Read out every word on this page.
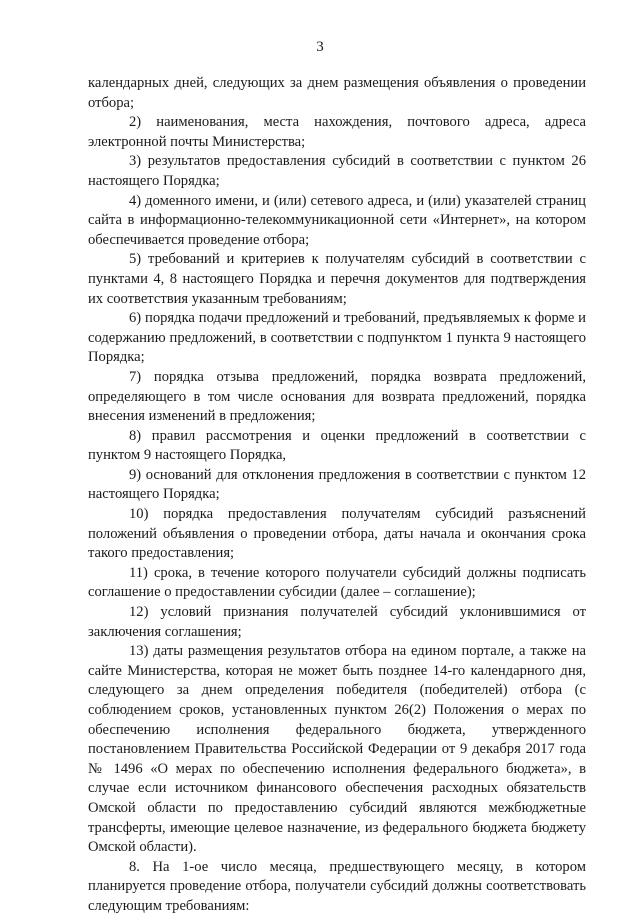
3

календарных дней, следующих за днем размещения объявления о проведении отбора;

2) наименования, места нахождения, почтового адреса, адреса электронной почты Министерства;

3) результатов предоставления субсидий в соответствии с пунктом 26 настоящего Порядка;

4) доменного имени, и (или) сетевого адреса, и (или) указателей страниц сайта в информационно-телекоммуникационной сети «Интернет», на котором обеспечивается проведение отбора;

5) требований и критериев к получателям субсидий в соответствии с пунктами 4, 8 настоящего Порядка и перечня документов для подтверждения их соответствия указанным требованиям;

6) порядка подачи предложений и требований, предъявляемых к форме и содержанию предложений, в соответствии с подпунктом 1 пункта 9 настоящего Порядка;

7) порядка отзыва предложений, порядка возврата предложений, определяющего в том числе основания для возврата предложений, порядка внесения изменений в предложения;

8) правил рассмотрения и оценки предложений в соответствии с пунктом 9 настоящего Порядка,

9) оснований для отклонения предложения в соответствии с пунктом 12 настоящего Порядка;

10) порядка предоставления получателям субсидий разъяснений положений объявления о проведении отбора, даты начала и окончания срока такого предоставления;

11) срока, в течение которого получатели субсидий должны подписать соглашение о предоставлении субсидии (далее – соглашение);

12) условий признания получателей субсидий уклонившимися от заключения соглашения;

13) даты размещения результатов отбора на едином портале, а также на сайте Министерства, которая не может быть позднее 14-го календарного дня, следующего за днем определения победителя (победителей) отбора (с соблюдением сроков, установленных пунктом 26(2) Положения о мерах по обеспечению исполнения федерального бюджета, утвержденного постановлением Правительства Российской Федерации от 9 декабря 2017 года № 1496 «О мерах по обеспечению исполнения федерального бюджета», в случае если источником финансового обеспечения расходных обязательств Омской области по предоставлению субсидий являются межбюджетные трансферты, имеющие целевое назначение, из федерального бюджета бюджету Омской области).

8. На 1-ое число месяца, предшествующего месяцу, в котором планируется проведение отбора, получатели субсидий должны соответствовать следующим требованиям:
